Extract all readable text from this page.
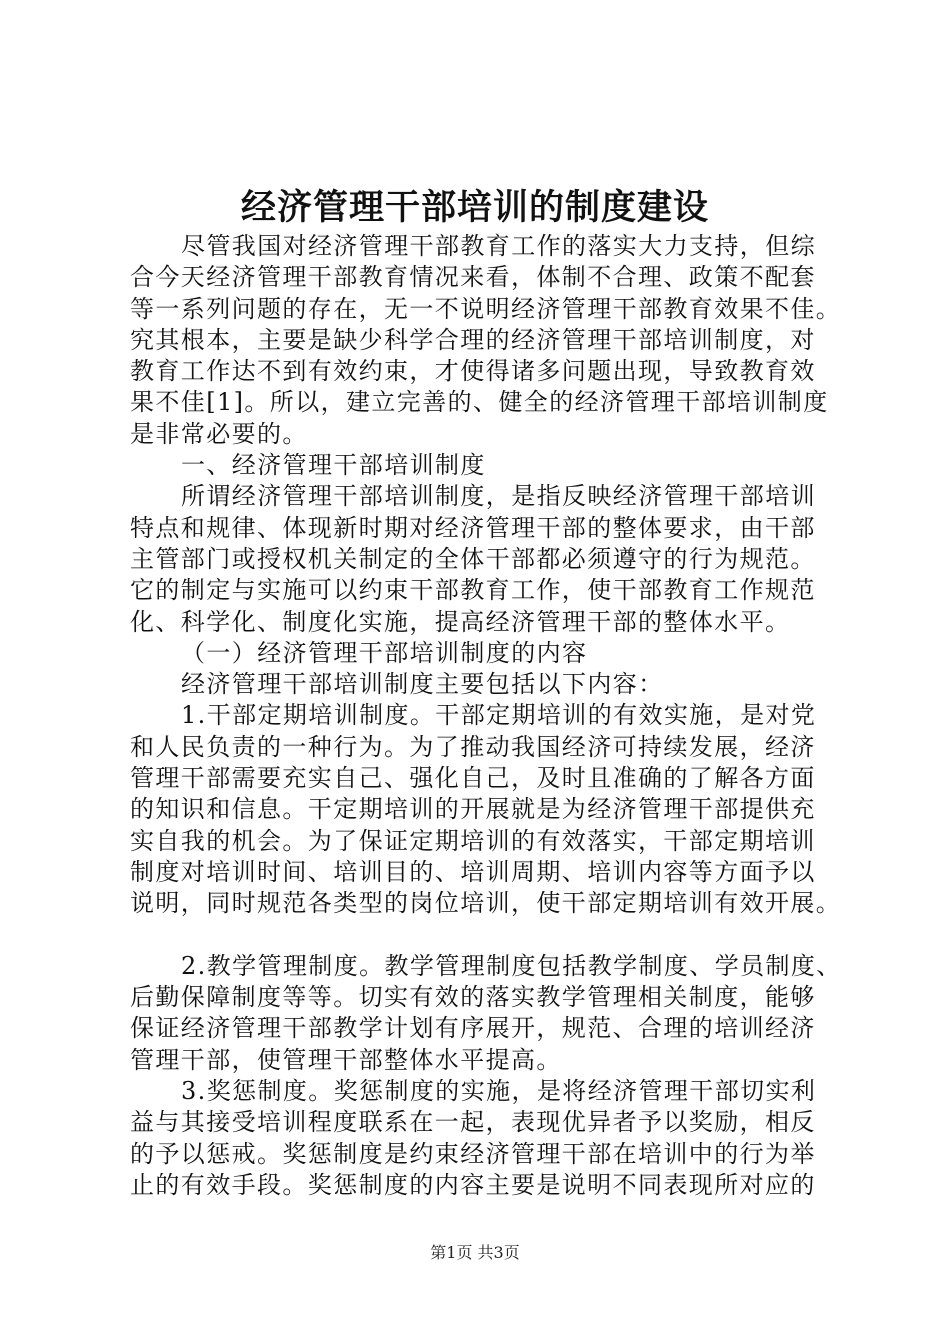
经济管理干部培训的制度建设
尽管我国对经济管理干部教育工作的落实大力支持，但综
合今天经济管理干部教育情况来看，体制不合理、政策不配套
等一系列问题的存在，无一不说明经济管理干部教育效果不佳。
究其根本，主要是缺少科学合理的经济管理干部培训制度，对
教育工作达不到有效约束，才使得诸多问题出现，导致教育效
果不佳[1]。所以，建立完善的、健全的经济管理干部培训制度
是非常必要的。
一、经济管理干部培训制度
所谓经济管理干部培训制度，是指反映经济管理干部培训
特点和规律、体现新时期对经济管理干部的整体要求，由干部
主管部门或授权机关制定的全体干部都必须遵守的行为规范。
它的制定与实施可以约束干部教育工作，使干部教育工作规范
化、科学化、制度化实施，提高经济管理干部的整体水平。
（一）经济管理干部培训制度的内容
经济管理干部培训制度主要包括以下内容：
1.干部定期培训制度。干部定期培训的有效实施，是对党
和人民负责的一种行为。为了推动我国经济可持续发展，经济
管理干部需要充实自己、强化自己，及时且准确的了解各方面
的知识和信息。干定期培训的开展就是为经济管理干部提供充
实自我的机会。为了保证定期培训的有效落实，干部定期培训
制度对培训时间、培训目的、培训周期、培训内容等方面予以
说明，同时规范各类型的岗位培训，使干部定期培训有效开展。
2.教学管理制度。教学管理制度包括教学制度、学员制度、
后勤保障制度等等。切实有效的落实教学管理相关制度，能够
保证经济管理干部教学计划有序展开，规范、合理的培训经济
管理干部，使管理干部整体水平提高。
3.奖惩制度。奖惩制度的实施，是将经济管理干部切实利
益与其接受培训程度联系在一起，表现优异者予以奖励，相反
的予以惩戒。奖惩制度是约束经济管理干部在培训中的行为举
止的有效手段。奖惩制度的内容主要是说明不同表现所对应的
第1页 共3页
